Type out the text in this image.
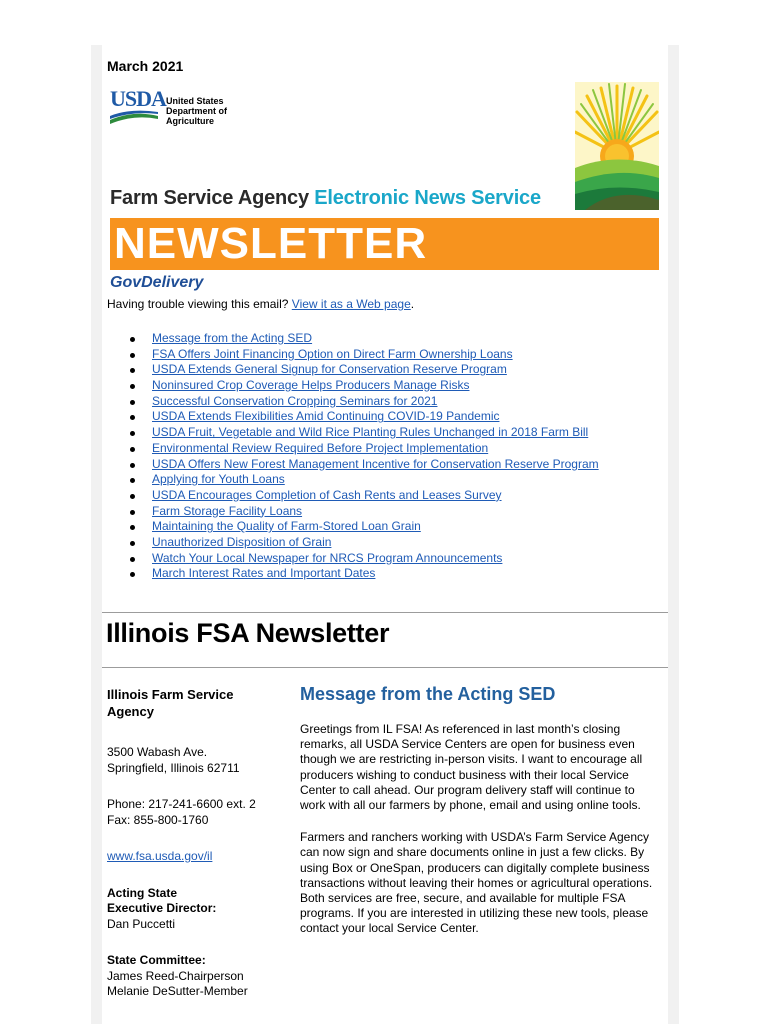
March 2021
USDA United States
Department of
Agriculture
Farm Service Agency Electronic News Service
NEWSLETTER
GovDelivery
Having trouble viewing this email? View it as a Web page.
Message from the Acting SED
FSA Offers Joint Financing Option on Direct Farm Ownership Loans
USDA Extends General Signup for Conservation Reserve Program
Noninsured Crop Coverage Helps Producers Manage Risks
Successful Conservation Cropping Seminars for 2021
USDA Extends Flexibilities Amid Continuing COVID-19 Pandemic
USDA Fruit, Vegetable and Wild Rice Planting Rules Unchanged in 2018 Farm Bill
Environmental Review Required Before Project Implementation
USDA Offers New Forest Management Incentive for Conservation Reserve Program
Applying for Youth Loans
USDA Encourages Completion of Cash Rents and Leases Survey
Farm Storage Facility Loans
Maintaining the Quality of Farm-Stored Loan Grain
Unauthorized Disposition of Grain
Watch Your Local Newspaper for NRCS Program Announcements
March Interest Rates and Important Dates
Illinois FSA Newsletter

Illinois Farm Service Agency

3500 Wabash Ave.

Springfield, Illinois 62711

Phone: 217-241-6600 ext. 2

Fax: 855-800-1760

www.fsa.usda.gov/il

Acting State

Executive Director:

Dan Puccetti

State Committee:

James Reed-Chairperson

Melanie DeSutter-Member

Message from the Acting SED

Greetings from IL FSA! As referenced in last month’s closing remarks, all USDA Service Centers are open for business even though we are restricting in-person visits. I want to encourage all producers wishing to conduct business with their local Service Center to call ahead. Our program delivery staff will continue to work with all our farmers by phone, email and using online tools.

Farmers and ranchers working with USDA’s Farm Service Agency can now sign and share documents online in just a few clicks. By using Box or OneSpan, producers can digitally complete business transactions without leaving their homes or agricultural operations. Both services are free, secure, and available for multiple FSA programs. If you are interested in utilizing these new tools, please contact your local Service Center.
